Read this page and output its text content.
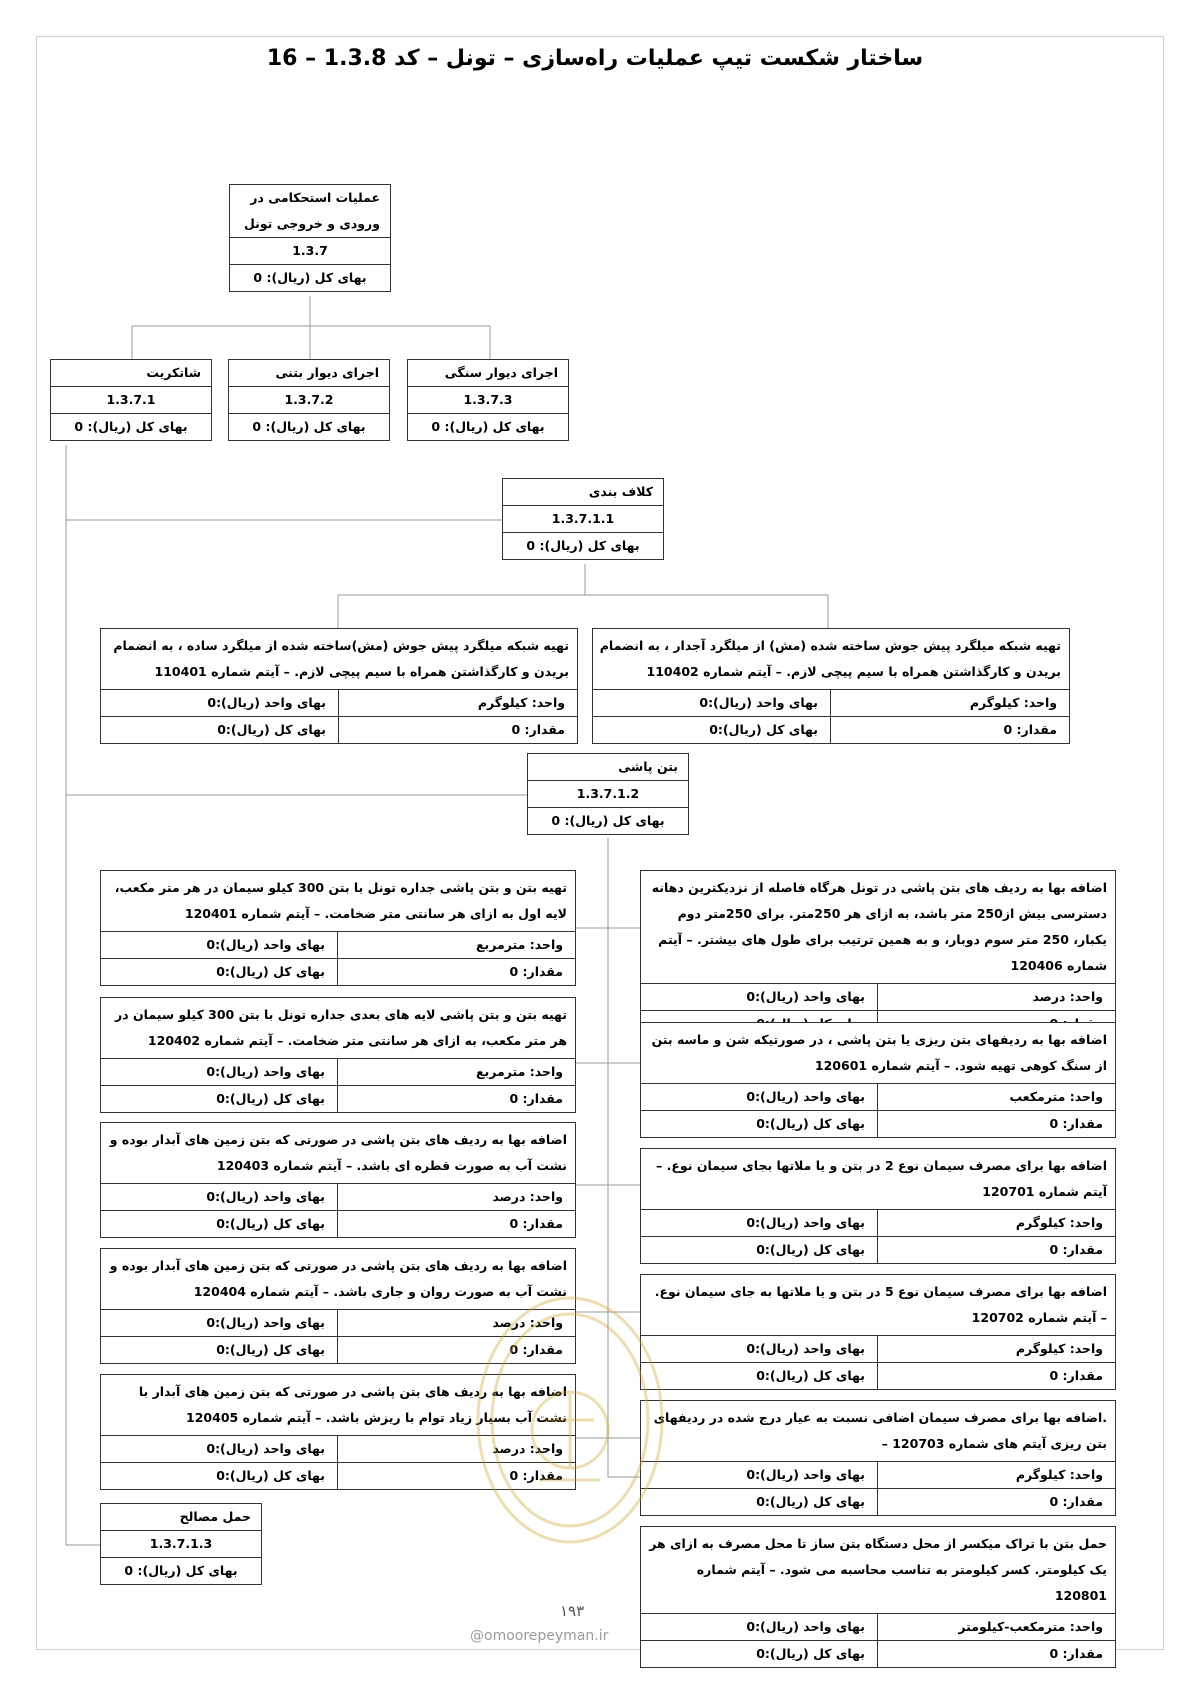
ساختار شکست تیپ عملیات راه‌سازی – تونل – کد 1.3.8 – 16
عملیات استحکامی در
ورودی و خروجی تونل
1.3.7
بهای کل (ریال): 0
شاتکریت
1.3.7.1
بهای کل (ریال): 0
اجرای دیوار بتنی
1.3.7.2
بهای کل (ریال): 0
اجرای دیوار سنگی
1.3.7.3
بهای کل (ریال): 0
کلاف بندی
1.3.7.1.1
بهای کل (ریال): 0
تهیه شبکه میلگرد پیش جوش (مش)ساخته شده از میلگرد ساده ، به انضمام بریدن و کارگذاشتن همراه با سیم پیچی لازم. – آیتم شماره 110401
واحد: کیلوگرم
بهای واحد (ریال):0
مقدار: 0
بهای کل (ریال):0
تهیه شبکه میلگرد پیش جوش ساخته شده (مش) از میلگرد آجدار ، به انضمام بریدن و کارگذاشتن همراه با سیم پیچی لازم. – آیتم شماره 110402
واحد: کیلوگرم
بهای واحد (ریال):0
مقدار: 0
بهای کل (ریال):0
بتن پاشی
1.3.7.1.2
بهای کل (ریال): 0
تهیه بتن و بتن پاشی جداره تونل با بتن 300 کیلو سیمان در هر متر مکعب، لایه اول به ازای هر سانتی متر ضخامت. – آیتم شماره 120401
واحد: مترمربع
بهای واحد (ریال):0
مقدار: 0
بهای کل (ریال):0
تهیه بتن و بتن پاشی لایه های بعدی جداره تونل با بتن 300 کیلو سیمان در هر متر مکعب، به ازای هر سانتی متر ضخامت. – آیتم شماره 120402
واحد: مترمربع
بهای واحد (ریال):0
مقدار: 0
بهای کل (ریال):0
اضافه بها به ردیف های بتن پاشی در صورتی که بتن زمین های آبدار بوده و نشت آب به صورت قطره ای باشد. – آیتم شماره 120403
واحد: درصد
بهای واحد (ریال):0
مقدار: 0
بهای کل (ریال):0
اضافه بها به ردیف های بتن پاشی در صورتی که بتن زمین های آبدار بوده و نشت آب به صورت روان و جاری باشد. – آیتم شماره 120404
واحد: درصد
بهای واحد (ریال):0
مقدار: 0
بهای کل (ریال):0
اضافه بها به ردیف های بتن پاشی در صورتی که بتن زمین های آبدار با نشت آب بسیار زیاد توام با ریزش باشد. – آیتم شماره 120405
واحد: درصد
بهای واحد (ریال):0
مقدار: 0
بهای کل (ریال):0
حمل مصالح
1.3.7.1.3
بهای کل (ریال): 0
اضافه بها به ردیف های بتن پاشی در تونل هرگاه فاصله از نزدیکترین دهانه دسترسی بیش از250 متر باشد، به ازای هر 250متر. برای 250متر دوم یکبار، 250 متر سوم دوبار، و به همین ترتیب برای طول های بیشتر. – آیتم شماره 120406
واحد: درصد
بهای واحد (ریال):0
اضافه بها به ردیفهای بتن ریزی یا بتن پاشی ، در صورتیکه شن و ماسه بتن از سنگ کوهی تهیه شود. – آیتم شماره 120601
واحد: مترمکعب
بهای واحد (ریال):0
مقدار: 0
بهای کل (ریال):0
اضافه بها برای مصرف سیمان نوع 2 در بتن و یا ملاتها بجای سیمان نوع. – آیتم شماره 120701
واحد: کیلوگرم
بهای واحد (ریال):0
مقدار: 0
بهای کل (ریال):0
اضافه بها برای مصرف سیمان نوع 5 در بتن و یا ملاتها به جای سیمان نوع. – آیتم شماره 120702
واحد: کیلوگرم
بهای واحد (ریال):0
مقدار: 0
بهای کل (ریال):0
.اضافه بها برای مصرف سیمان اضافی نسبت به عیار درج شده در ردیفهای بتن ریزی آیتم های شماره 120703 –
واحد: کیلوگرم
بهای واحد (ریال):0
مقدار: 0
بهای کل (ریال):0
حمل بتن با تراک میکسر از محل دستگاه بتن ساز تا محل مصرف به ازای هر یک کیلومتر. کسر کیلومتر به تناسب محاسبه می شود. – آیتم شماره 120801
واحد: مترمکعب-کیلومتر
بهای واحد (ریال):0
مقدار: 0
بهای کل (ریال):0
۱۹۳
@omoorepeyman.ir
